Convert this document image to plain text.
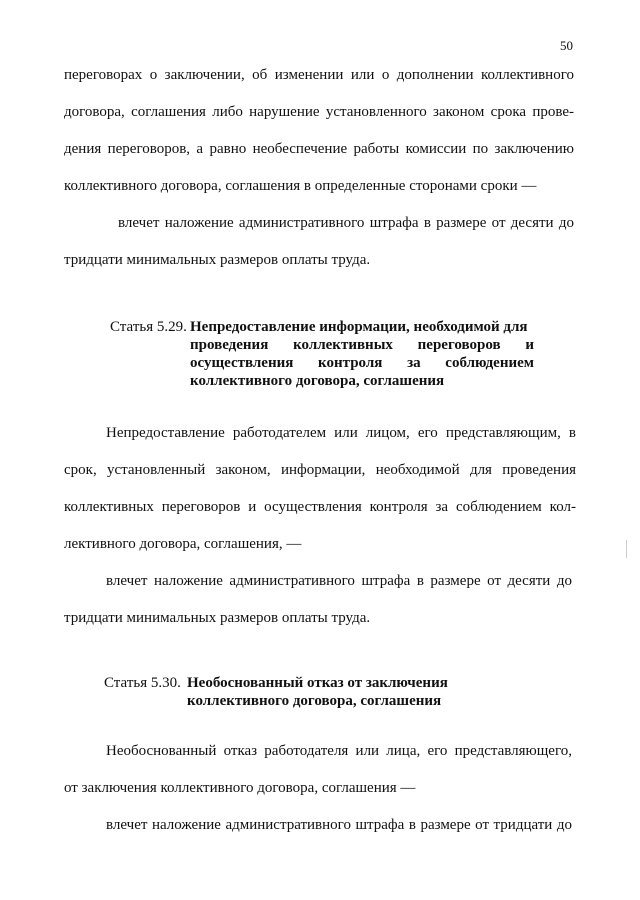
50
переговорах о заключении, об изменении или о дополнении коллективного
договора, соглашения либо нарушение установленного законом срока прове-
дения переговоров, а равно необеспечение работы комиссии по заключению
коллективного договора, соглашения в определенные сторонами сроки —
влечет наложение административного штрафа в размере от десяти до
тридцати минимальных размеров оплаты труда.
Статья 5.29. Непредоставление информации, необходимой для
проведения коллективных переговоров и
осуществления контроля за соблюдением
коллективного договора, соглашения
Непредоставление работодателем или лицом, его представляющим, в
срок, установленный законом, информации, необходимой для проведения
коллективных переговоров и осуществления контроля за соблюдением кол-
лективного договора, соглашения, —
влечет наложение административного штрафа в размере от десяти до
тридцати минимальных размеров оплаты труда.
Статья 5.30. Необоснованный отказ от заключения
коллективного договора, соглашения
Необоснованный отказ работодателя или лица, его представляющего,
от заключения коллективного договора, соглашения —
влечет наложение административного штрафа в размере от тридцати до
